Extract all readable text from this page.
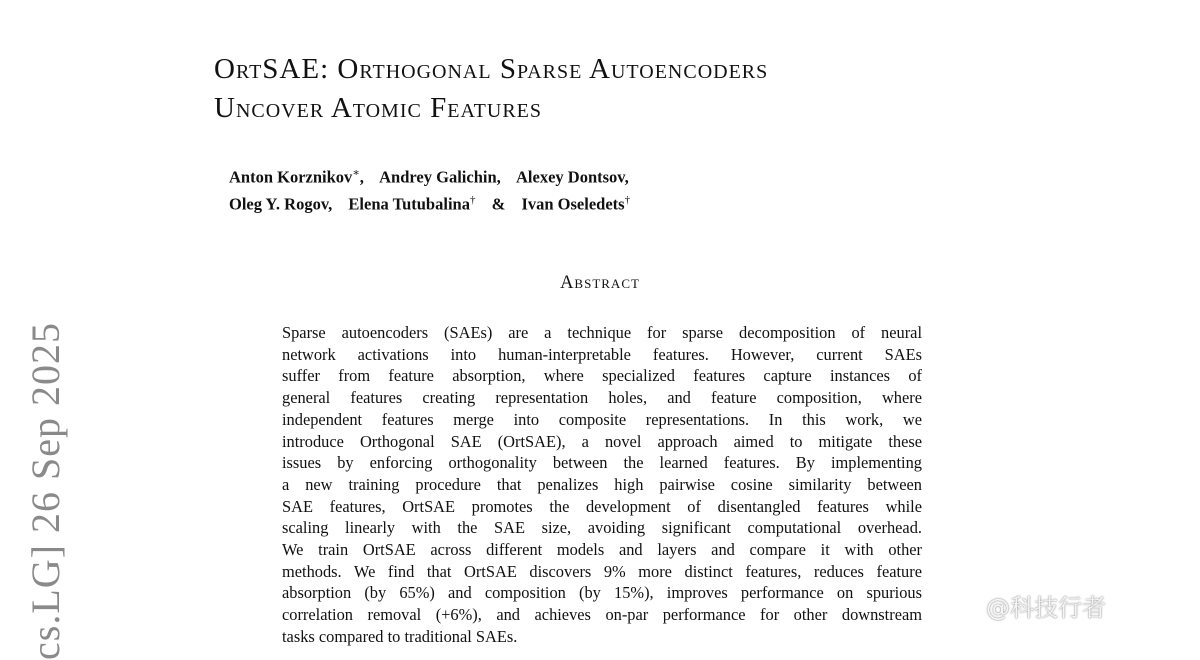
OrtSAE: Orthogonal Sparse Autoencoders
Uncover Atomic Features
Anton Korznikov∗, Andrey Galichin, Alexey Dontsov,
Oleg Y. Rogov, Elena Tutubalina† & Ivan Oseledets†
Abstract
Sparse autoencoders (SAEs) are a technique for sparse decomposition of neural
network activations into human-interpretable features. However, current SAEs
suffer from feature absorption, where specialized features capture instances of
general features creating representation holes, and feature composition, where
independent features merge into composite representations. In this work, we
introduce Orthogonal SAE (OrtSAE), a novel approach aimed to mitigate these
issues by enforcing orthogonality between the learned features. By implementing
a new training procedure that penalizes high pairwise cosine similarity between
SAE features, OrtSAE promotes the development of disentangled features while
scaling linearly with the SAE size, avoiding significant computational overhead.
We train OrtSAE across different models and layers and compare it with other
methods. We find that OrtSAE discovers 9% more distinct features, reduces feature
absorption (by 65%) and composition (by 15%), improves performance on spurious
correlation removal (+6%), and achieves on-par performance for other downstream
tasks compared to traditional SAEs.
cs.LG] 26 Sep 2025	@科技行者
